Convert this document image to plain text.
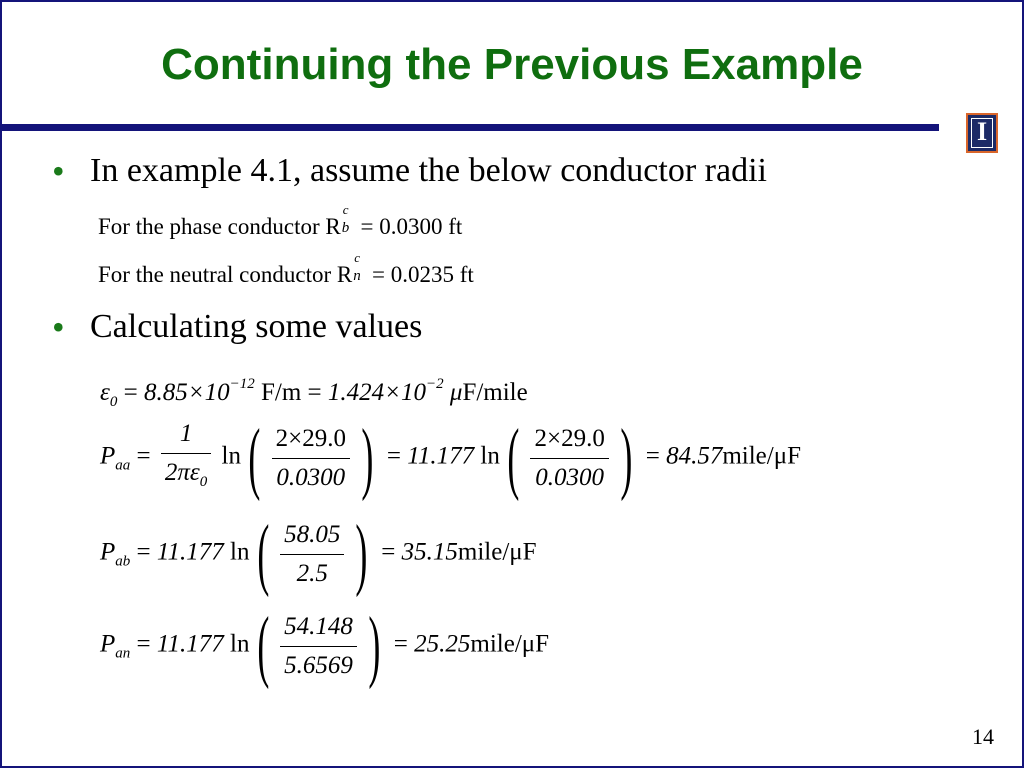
Continuing the Previous Example
I
• In example 4.1, assume the below conductor radii
For the phase conductor R
c
b = 0.0300 ft
For the neutral conductor R
c
n = 0.0235 ft
• Calculating some values
$\varepsilon_0 = 8.85\times 10^{-12}$ $F/m = 1.424\times 10^{-2}$ μF/mile
$P_{aa} = \frac{1}{2\pi\varepsilon_0} \ln( \frac{2\times 29.0}{0.0300}$ ) = 11.177 $\ln( \frac{2\times 29.0}{0.0300}$ ) = 84.57mile/μF
$P_{ab} = 11.177$ $\ln( \frac{58.05}{2.5}$ ) = 35.15mile/μF
$P_{an} = 11.177$ $\ln( \frac{54.148}{5.6569}$ ) = 25.25mile/μF
14
